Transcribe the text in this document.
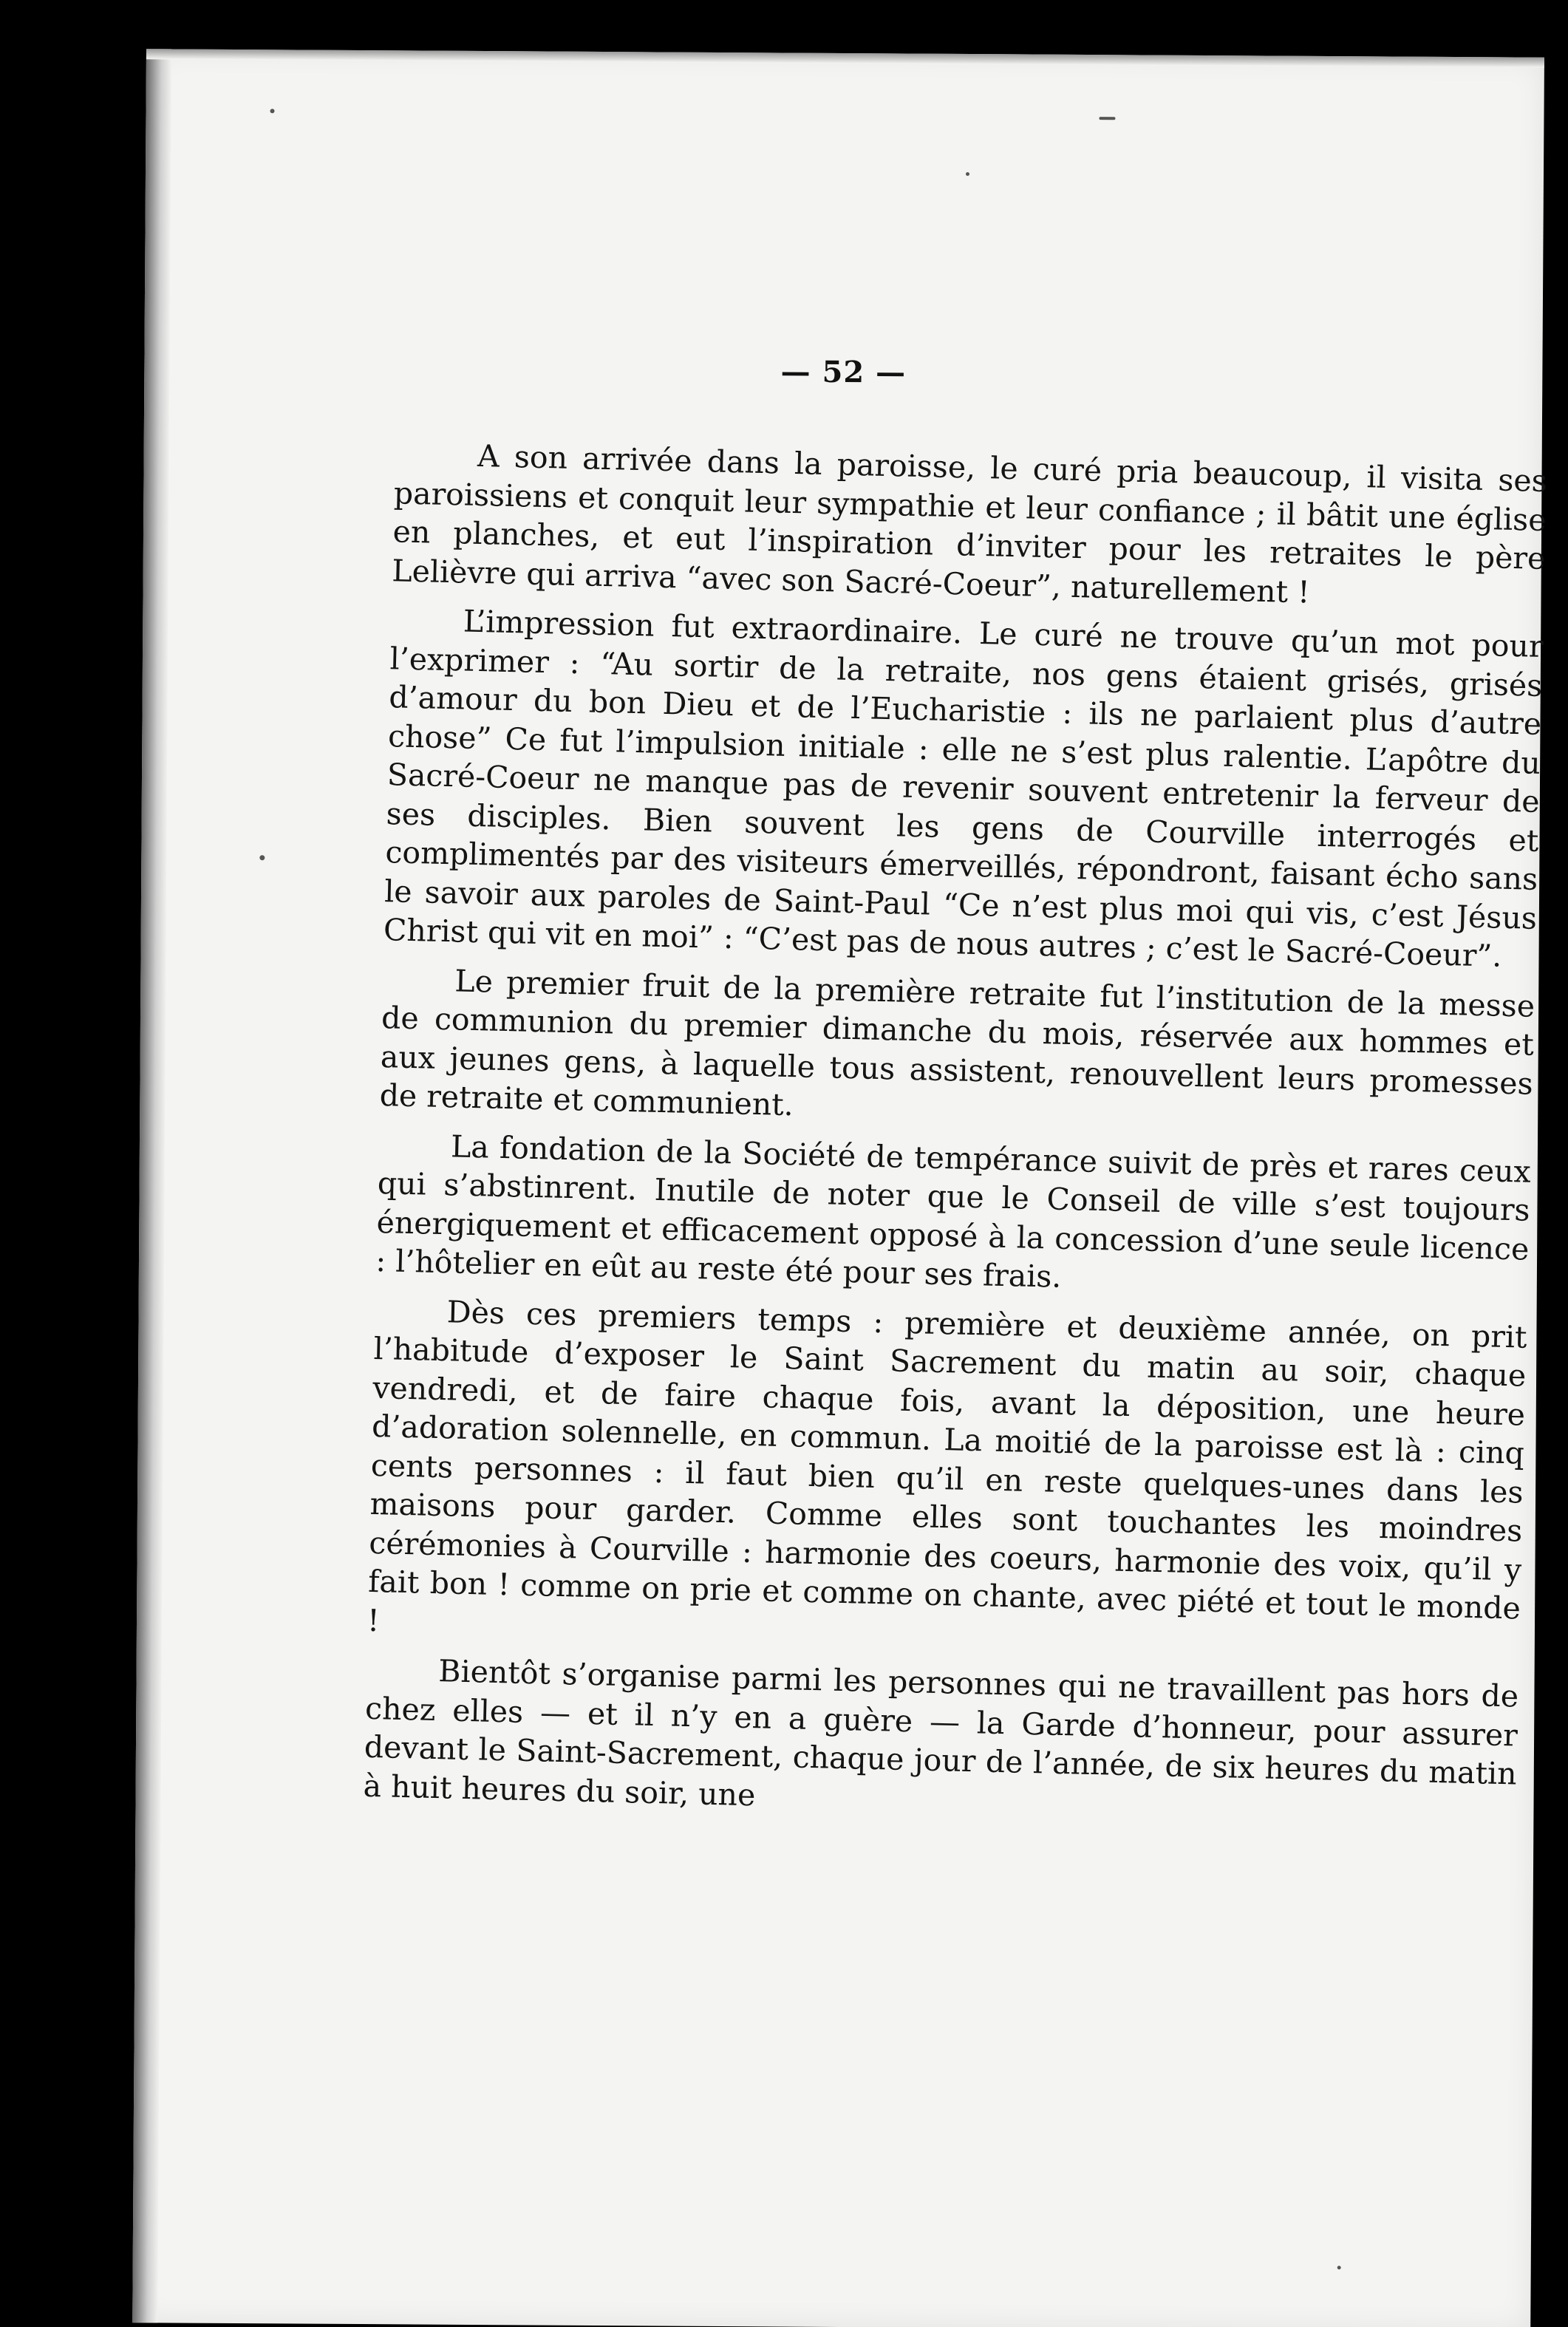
— 52 —

A son arrivée dans la paroisse, le curé pria beaucoup, il visita ses paroissiens et conquit leur sympathie et leur confiance ; il bâtit une église en planches, et eut l’inspiration d’inviter pour les retraites le père Lelièvre qui arriva “avec son Sacré-Coeur”, naturellement !

L’impression fut extraordinaire. Le curé ne trouve qu’un mot pour l’exprimer : “Au sortir de la retraite, nos gens étaient grisés, grisés d’amour du bon Dieu et de l’Eucharistie : ils ne parlaient plus d’autre chose” Ce fut l’impulsion initiale : elle ne s’est plus ralentie. L’apôtre du Sacré-Coeur ne manque pas de revenir souvent entretenir la ferveur de ses disciples. Bien souvent les gens de Courville interrogés et complimentés par des visiteurs émerveillés, répondront, faisant écho sans le savoir aux paroles de Saint-Paul “Ce n’est plus moi qui vis, c’est Jésus Christ qui vit en moi” : “C’est pas de nous autres ; c’est le Sacré-Coeur”.

Le premier fruit de la première retraite fut l’institution de la messe de communion du premier dimanche du mois, réservée aux hommes et aux jeunes gens, à laquelle tous assistent, renouvellent leurs promesses de retraite et communient.

La fondation de la Société de tempérance suivit de près et rares ceux qui s’abstinrent. Inutile de noter que le Conseil de ville s’est toujours énergiquement et efficacement opposé à la concession d’une seule licence : l’hôtelier en eût au reste été pour ses frais.

Dès ces premiers temps : première et deuxième année, on prit l’habitude d’exposer le Saint Sacrement du matin au soir, chaque vendredi, et de faire chaque fois, avant la déposition, une heure d’adoration solennelle, en commun. La moitié de la paroisse est là : cinq cents personnes : il faut bien qu’il en reste quelques-unes dans les maisons pour garder. Comme elles sont touchantes les moindres cérémonies à Courville : harmonie des coeurs, harmonie des voix, qu’il y fait bon ! comme on prie et comme on chante, avec piété et tout le monde !

Bientôt s’organise parmi les personnes qui ne travaillent pas hors de chez elles — et il n’y en a guère — la Garde d’honneur, pour assurer devant le Saint-Sacrement, chaque jour de l’année, de six heures du matin à huit heures du soir, une
